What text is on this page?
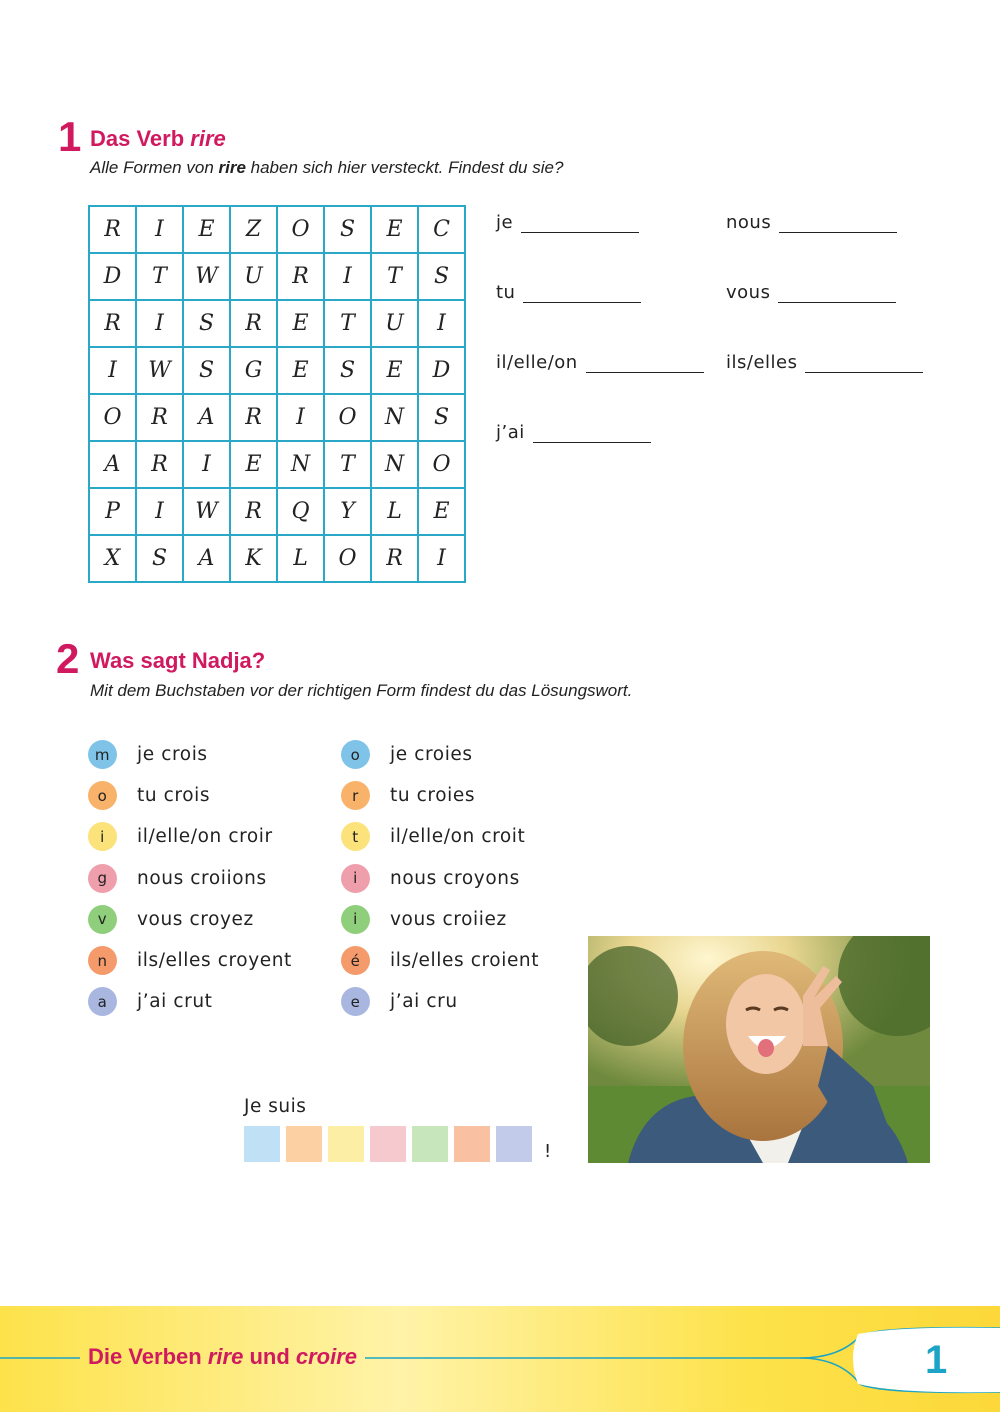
1 Das Verb rire
Alle Formen von rire haben sich hier versteckt. Findest du sie?
R	I	E	Z	O	S	E	C
D	T	W	U	R	I	T	S
R	I	S	R	E	T	U	I
I	W	S	G	E	S	E	D
O	R	A	R	I	O	N	S
A	R	I	E	N	T	N	O
P	I	W	R	Q	Y	L	E
X	S	A	K	L	O	R	I
je	nous
tu	vous
il/elle/on	ils/elles
j’ai
2 Was sagt Nadja?
Mit dem Buchstaben vor der richtigen Form findest du das Lösungswort.
m	je crois
o	tu crois
i	il/elle/on croir
g	nous croiions
v	vous croyez
n	ils/elles croyent
a	j’ai crut
o	je croies
r	tu croies
t	il/elle/on croit
i	nous croyons
i	vous croiiez
é	ils/elles croient
e	j’ai cru
Je suis
!
Die Verben rire und croire	1
